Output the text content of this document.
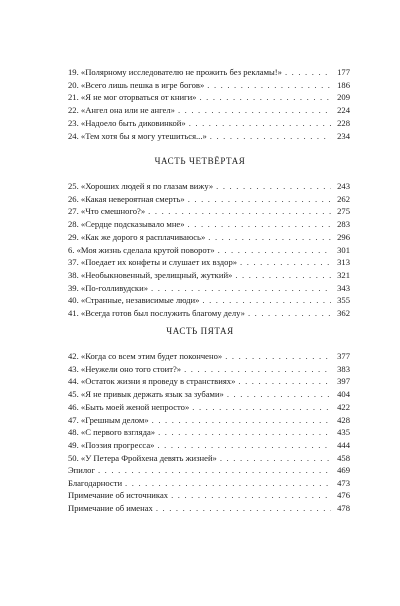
19. «Полярному исследователю не прожить без рекламы!» . . .	177
20. «Всего лишь пешка в игре богов» . . .	186
21. «Я не мог оторваться от книги» . . .	209
22. «Ангел она или не ангел» . . .	224
23. «Надоело быть диковинкой» . . .	228
24. «Тем хотя бы я могу утешиться...» . . .	234
ЧАСТЬ ЧЕТВЁРТАЯ
25. «Хороших людей я по глазам вижу» . . .	243
26. «Какая невероятная смерть» . . .	262
27. «Что смешного?» . . .	275
28. «Сердце подсказывало мне» . . .	283
29. «Как же дорого я расплачиваюсь» . . .	296
6. «Моя жизнь сделала крутой поворот» . . .	301
37. «Поедает их конфеты и слушает их вздор» . . .	313
38. «Необыкновенный, зрелищный, жуткий» . . .	321
39. «По-голливудски» . . .	343
40. «Странные, независимые люди» . . .	355
41. «Всегда готов был послужить благому делу» . . .	362
ЧАСТЬ ПЯТАЯ
42. «Когда со всем этим будет покончено» . . .	377
43. «Неужели оно того стоит?» . . .	383
44. «Остаток жизни я проведу в странствиях» . . .	397
45. «Я не привык держать язык за зубами» . . .	404
46. «Быть моей женой непросто» . . .	422
47. «Грешным делом» . . .	428
48. «С первого взгляда» . . .	435
49. «Поэзия прогресса» . . .	444
50. «У Петера Фройхена девять жизней» . . .	458
Эпилог . . .	469
Благодарности . . .	473
Примечание об источниках . . .	476
Примечание об именах . . .	478
